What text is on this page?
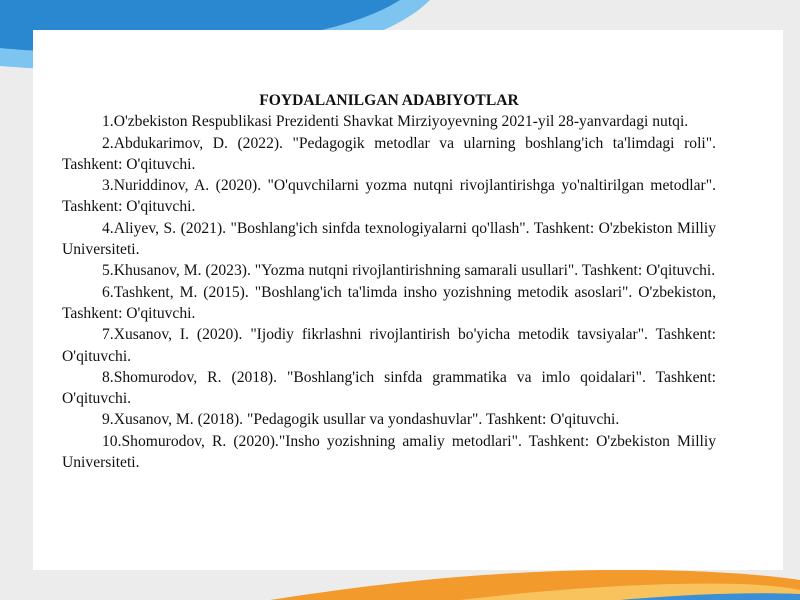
FOYDALANILGAN ADABIYOTLAR

1.O'zbekiston Respublikasi Prezidenti Shavkat Mirziyoyevning 2021-yil 28-yanvardagi nutqi.

2.Abdukarimov, D. (2022). "Pedagogik metodlar va ularning boshlang'ich ta'limdagi roli". Tashkent: O'qituvchi.

3.Nuriddinov, A. (2020). "O'quvchilarni yozma nutqni rivojlantirishga yo'naltirilgan metodlar". Tashkent: O'qituvchi.

4.Aliyev, S. (2021). "Boshlang'ich sinfda texnologiyalarni qo'llash". Tashkent: O'zbekiston Milliy Universiteti.

5.Khusanov, M. (2023). "Yozma nutqni rivojlantirishning samarali usullari". Tashkent: O'qituvchi.

6.Tashkent, M. (2015). "Boshlang'ich ta'limda insho yozishning metodik asoslari". O'zbekiston, Tashkent: O'qituvchi.

7.Xusanov, I. (2020). "Ijodiy fikrlashni rivojlantirish bo'yicha metodik tavsiyalar". Tashkent: O'qituvchi.

8.Shomurodov, R. (2018). "Boshlang'ich sinfda grammatika va imlo qoidalari". Tashkent: O'qituvchi.

9.Xusanov, M. (2018). "Pedagogik usullar va yondashuvlar". Tashkent: O'qituvchi.

10.Shomurodov, R. (2020)."Insho yozishning amaliy metodlari". Tashkent: O'zbekiston Milliy Universiteti.
